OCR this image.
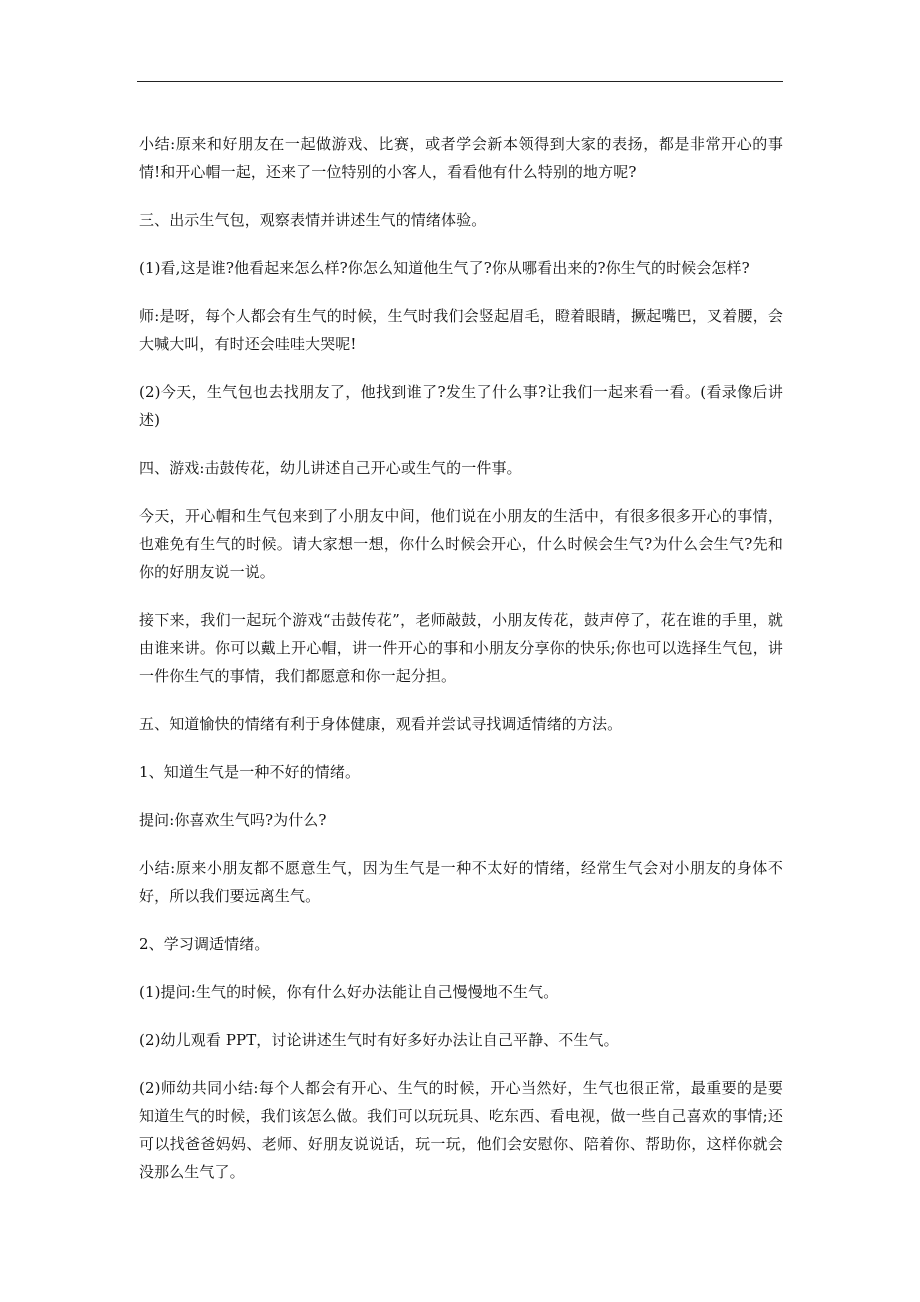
小结:原来和好朋友在一起做游戏、比赛，或者学会新本领得到大家的表扬，都是非常开心的事情!和开心帽一起，还来了一位特别的小客人，看看他有什么特别的地方呢?

三、出示生气包，观察表情并讲述生气的情绪体验。

(1)看,这是谁?他看起来怎么样?你怎么知道他生气了?你从哪看出来的?你生气的时候会怎样?

师:是呀，每个人都会有生气的时候，生气时我们会竖起眉毛，瞪着眼睛，撅起嘴巴，叉着腰，会大喊大叫，有时还会哇哇大哭呢!

(2)今天，生气包也去找朋友了，他找到谁了?发生了什么事?让我们一起来看一看。(看录像后讲述)

四、游戏:击鼓传花，幼儿讲述自己开心或生气的一件事。

今天，开心帽和生气包来到了小朋友中间，他们说在小朋友的生活中，有很多很多开心的事情，也难免有生气的时候。请大家想一想，你什么时候会开心，什么时候会生气?为什么会生气?先和你的好朋友说一说。

接下来，我们一起玩个游戏“击鼓传花”，老师敲鼓，小朋友传花，鼓声停了，花在谁的手里，就由谁来讲。你可以戴上开心帽，讲一件开心的事和小朋友分享你的快乐;你也可以选择生气包，讲一件你生气的事情，我们都愿意和你一起分担。

五、知道愉快的情绪有利于身体健康，观看并尝试寻找调适情绪的方法。

1、知道生气是一种不好的情绪。

提问:你喜欢生气吗?为什么?

小结:原来小朋友都不愿意生气，因为生气是一种不太好的情绪，经常生气会对小朋友的身体不好，所以我们要远离生气。

2、学习调适情绪。

(1)提问:生气的时候，你有什么好办法能让自己慢慢地不生气。

(2)幼儿观看 PPT，讨论讲述生气时有好多好办法让自己平静、不生气。

(2)师幼共同小结:每个人都会有开心、生气的时候，开心当然好，生气也很正常，最重要的是要知道生气的时候，我们该怎么做。我们可以玩玩具、吃东西、看电视，做一些自己喜欢的事情;还可以找爸爸妈妈、老师、好朋友说说话，玩一玩，他们会安慰你、陪着你、帮助你，这样你就会没那么生气了。
